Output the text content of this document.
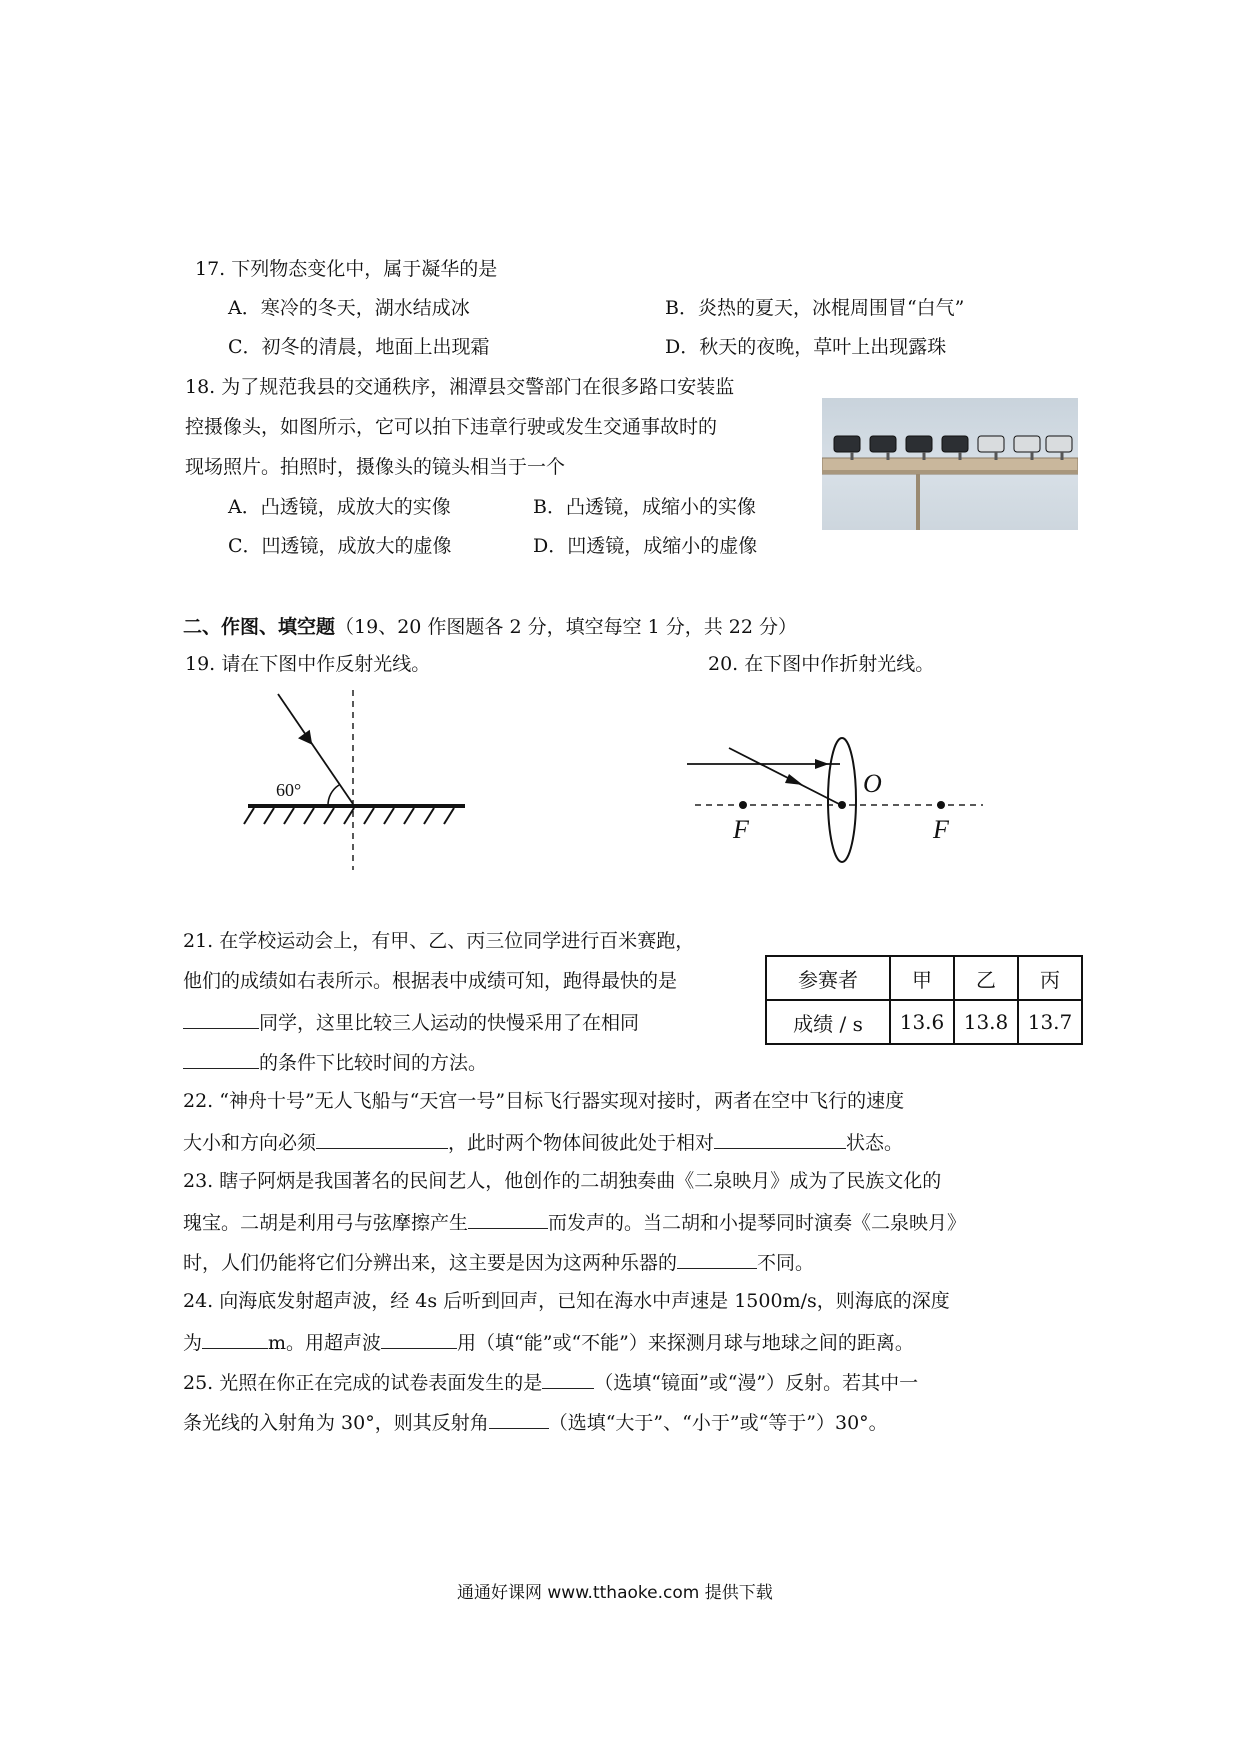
17. 下列物态变化中，属于凝华的是
A．寒冷的冬天，湖水结成冰	B．炎热的夏天，冰棍周围冒“白气”
C．初冬的清晨，地面上出现霜	D．秋天的夜晚，草叶上出现露珠
18. 为了规范我县的交通秩序，湘潭县交警部门在很多路口安装监
控摄像头，如图所示，它可以拍下违章行驶或发生交通事故时的
现场照片。拍照时，摄像头的镜头相当于一个
A．凸透镜，成放大的实像	B．凸透镜，成缩小的实像
C．凹透镜，成放大的虚像	D．凹透镜，成缩小的虚像
二、作图、填空题（19、20 作图题各 2 分，填空每空 1 分，共 22 分）
19. 请在下图中作反射光线。	20. 在下图中作折射光线。
60°	O
F	F
21. 在学校运动会上，有甲、乙、丙三位同学进行百米赛跑，
他们的成绩如右表所示。根据表中成绩可知，跑得最快的是
同学，这里比较三人运动的快慢采用了在相同
的条件下比较时间的方法。
参赛者	甲	乙	丙
成绩 / s	13.6	13.8	13.7
22. “神舟十号”无人飞船与“天宫一号”目标飞行器实现对接时，两者在空中飞行的速度
大小和方向必须	，此时两个物体间彼此处于相对	状态。
23. 瞎子阿炳是我国著名的民间艺人，他创作的二胡独奏曲《二泉映月》成为了民族文化的
瑰宝。二胡是利用弓与弦摩擦产生	而发声的。当二胡和小提琴同时演奏《二泉映月》
时，人们仍能将它们分辨出来，这主要是因为这两种乐器的	不同。
24. 向海底发射超声波，经 4s 后听到回声，已知在海水中声速是 1500m/s，则海底的深度
为	m。用超声波	用（填“能”或“不能”）来探测月球与地球之间的距离。
25. 光照在你正在完成的试卷表面发生的是	（选填“镜面”或“漫”）反射。若其中一
条光线的入射角为 30°，则其反射角	（选填“大于”、“小于”或“等于”）30°。
通通好课网 www.tthaoke.com 提供下载
